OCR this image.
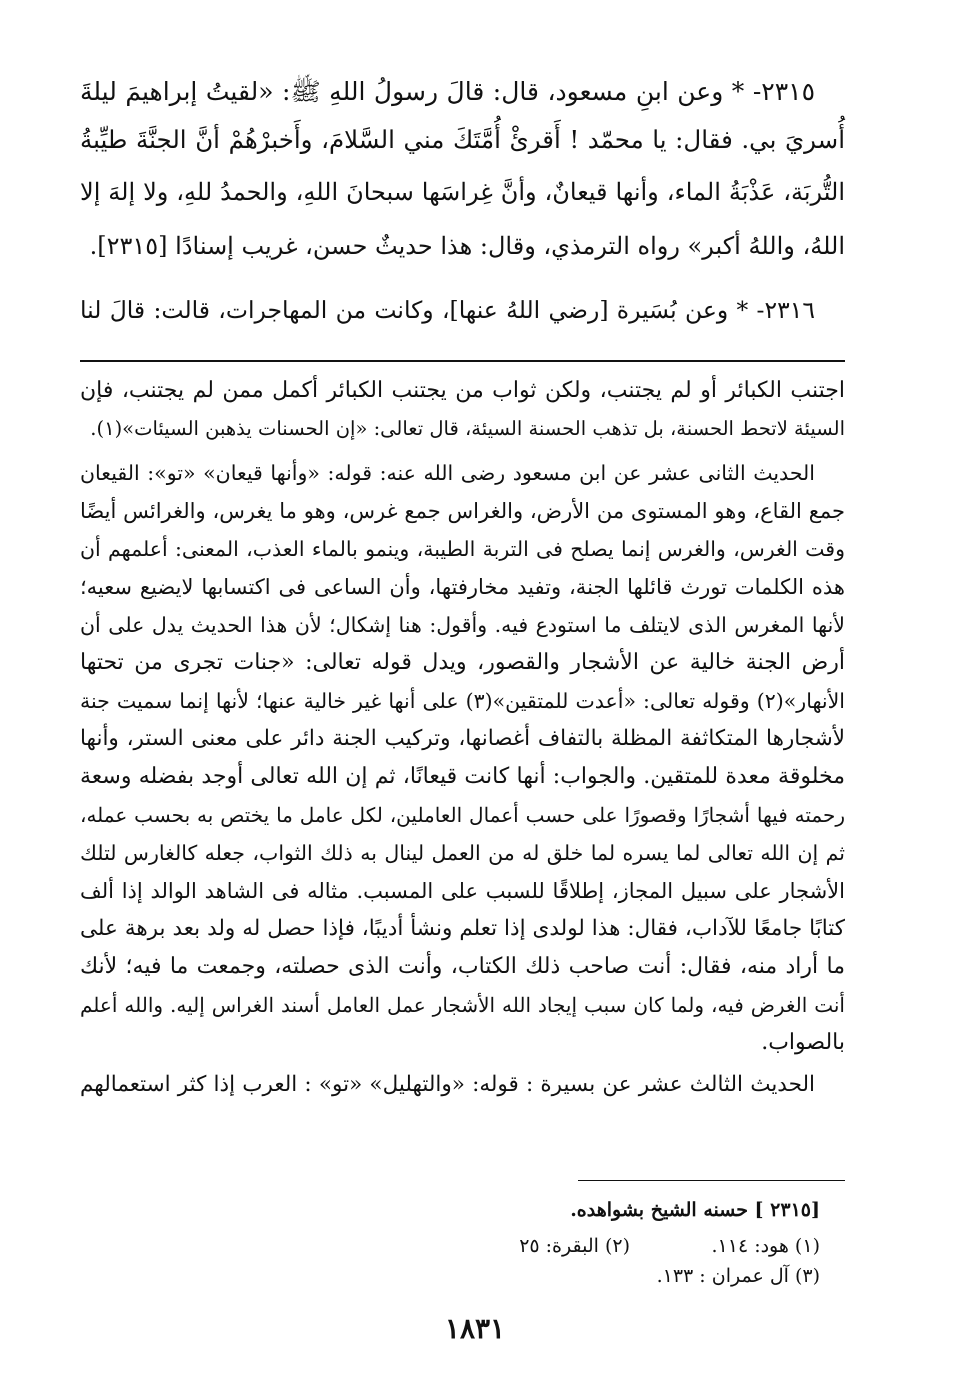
٢٣١٥- * وعن ابنِ مسعود، قال: قالَ رسولُ اللهِ ﷺ: «لقيتُ إبراهيمَ ليلةَ
أُسريَ بي. فقال: يا محمّد ! أَقرئْ أُمَّتَكَ مني السَّلامَ، وأَخبرْهُمْ أنَّ الجنَّةَ طيِّبةُ
التُّربَة، عَذْبَةُ الماء، وأنها قيعانٌ، وأنَّ غِراسَها سبحانَ اللهِ، والحمدُ للهِ، ولا إلهَ إلا
اللهُ، واللهُ أكبر» رواه الترمذي، وقال: هذا حديثٌ حسن، غريب إسنادًا [٢٣١٥].
٢٣١٦- * وعن بُسَيرة [رضي اللهُ عنها]، وكانت من المهاجرات، قالت: قالَ لنا
اجتنب الكبائر أو لم يجتنب، ولكن ثواب من يجتنب الكبائر أكمل ممن لم يجتنب، فإن
السيئة لاتحط الحسنة، بل تذهب الحسنة السيئة، قال تعالى: «إن الحسنات يذهبن السيئات»(١).
الحديث الثانى عشر عن ابن مسعود رضى الله عنه: قوله: «وأنها قيعان» «تو»: القيعان
جمع القاع، وهو المستوى من الأرض، والغراس جمع غرس، وهو ما يغرس، والغرائس أيضًا
وقت الغرس، والغرس إنما يصلح فى التربة الطيبة، وينمو بالماء العذب، المعنى: أعلمهم أن
هذه الكلمات تورث قائلها الجنة، وتفيد مخارفتها، وأن الساعى فى اكتسابها لايضيع سعيه؛
لأنها المغرس الذى لايتلف ما استودع فيه. وأقول: هنا إشكال؛ لأن هذا الحديث يدل على أن
أرض الجنة خالية عن الأشجار والقصور، ويدل قوله تعالى: «جنات تجرى من تحتها
الأنهار»(٢) وقوله تعالى: «أعدت للمتقين»(٣) على أنها غير خالية عنها؛ لأنها إنما سميت جنة
لأشجارها المتكاثفة المظلة بالتفاف أغصانها، وتركيب الجنة دائر على معنى الستر، وأنها
مخلوقة معدة للمتقين. والجواب: أنها كانت قيعانًا، ثم إن الله تعالى أوجد بفضله وسعة
رحمته فيها أشجارًا وقصورًا على حسب أعمال العاملين، لكل عامل ما يختص به بحسب عمله،
ثم إن الله تعالى لما يسره لما خلق له من العمل لينال به ذلك الثواب، جعله كالغارس لتلك
الأشجار على سبيل المجاز، إطلاقًا للسبب على المسبب. مثاله فى الشاهد الوالد إذا ألف
كتابًا جامعًا للآداب، فقال: هذا لولدى إذا تعلم ونشأ أديبًا، فإذا حصل له ولد بعد برهة على
ما أراد منه، فقال: أنت صاحب ذلك الكتاب، وأنت الذى حصلته، وجمعت ما فيه؛ لأنك
أنت الغرض فيه، ولما كان سبب إيجاد الله الأشجار عمل العامل أسند الغراس إليه. والله أعلم
بالصواب.
الحديث الثالث عشر عن بسيرة : قوله: «والتهليل» «تو» : العرب إذا كثر استعمالهم
[٢٣١٥ ] حسنه الشيخ بشواهده.
(١) هود: ١١٤.
(٢) البقرة: ٢٥
(٣) آل عمران : ١٣٣.
١٨٣١
